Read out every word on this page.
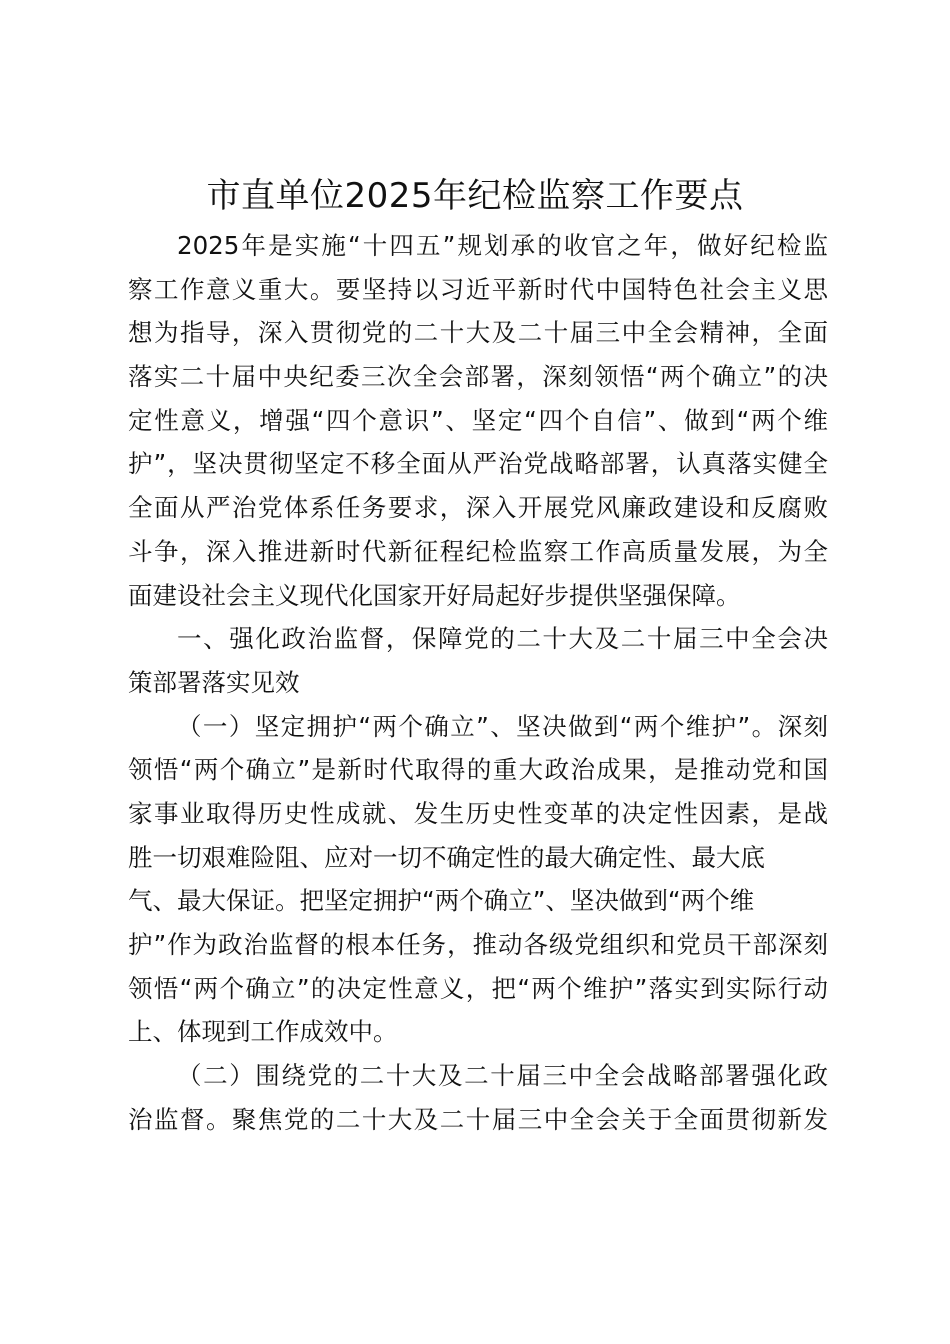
市直单位2025年纪检监察工作要点
2025年是实施“十四五”规划承的收官之年，做好纪检监
察工作意义重大。要坚持以习近平新时代中国特色社会主义思
想为指导，深入贯彻党的二十大及二十届三中全会精神，全面
落实二十届中央纪委三次全会部署，深刻领悟“两个确立”的决
定性意义，增强“四个意识”、坚定“四个自信”、做到“两个维
护”，坚决贯彻坚定不移全面从严治党战略部署，认真落实健全
全面从严治党体系任务要求，深入开展党风廉政建设和反腐败
斗争，深入推进新时代新征程纪检监察工作高质量发展，为全
面建设社会主义现代化国家开好局起好步提供坚强保障。
一、强化政治监督，保障党的二十大及二十届三中全会决
策部署落实见效
（一）坚定拥护“两个确立”、坚决做到“两个维护”。深刻
领悟“两个确立”是新时代取得的重大政治成果，是推动党和国
家事业取得历史性成就、发生历史性变革的决定性因素，是战
胜一切艰难险阻、应对一切不确定性的最大确定性、最大底
气、最大保证。把坚定拥护“两个确立”、坚决做到“两个维
护”作为政治监督的根本任务，推动各级党组织和党员干部深刻
领悟“两个确立”的决定性意义，把“两个维护”落实到实际行动
上、体现到工作成效中。
（二）围绕党的二十大及二十届三中全会战略部署强化政
治监督。聚焦党的二十大及二十届三中全会关于全面贯彻新发
